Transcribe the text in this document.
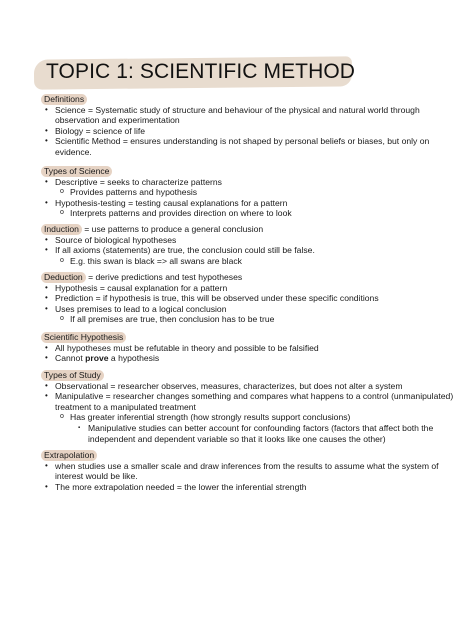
TOPIC 1: SCIENTIFIC METHOD
Definitions
• Science = Systematic study of structure and behaviour of the physical and natural world through observation and experimentation
• Biology = science of life
• Scientific Method = ensures understanding is not shaped by personal beliefs or biases, but only on evidence.
Types of Science
• Descriptive = seeks to characterize patterns
o Provides patterns and hypothesis
• Hypothesis-testing = testing causal explanations for a pattern
o Interprets patterns and provides direction on where to look
Induction = use patterns to produce a general conclusion
• Source of biological hypotheses
• If all axioms (statements) are true, the conclusion could still be false.
o E.g. this swan is black => all swans are black
Deduction = derive predictions and test hypotheses
• Hypothesis = causal explanation for a pattern
• Prediction = if hypothesis is true, this will be observed under these specific conditions
• Uses premises to lead to a logical conclusion
o If all premises are true, then conclusion has to be true
Scientific Hypothesis
• All hypotheses must be refutable in theory and possible to be falsified
• Cannot prove a hypothesis
Types of Study
• Observational = researcher observes, measures, characterizes, but does not alter a system
• Manipulative = researcher changes something and compares what happens to a control (unmanipulated) treatment to a manipulated treatment
o Has greater inferential strength (how strongly results support conclusions)
▪ Manipulative studies can better account for confounding factors (factors that affect both the independent and dependent variable so that it looks like one causes the other)
Extrapolation
• when studies use a smaller scale and draw inferences from the results to assume what the system of interest would be like.
• The more extrapolation needed = the lower the inferential strength
